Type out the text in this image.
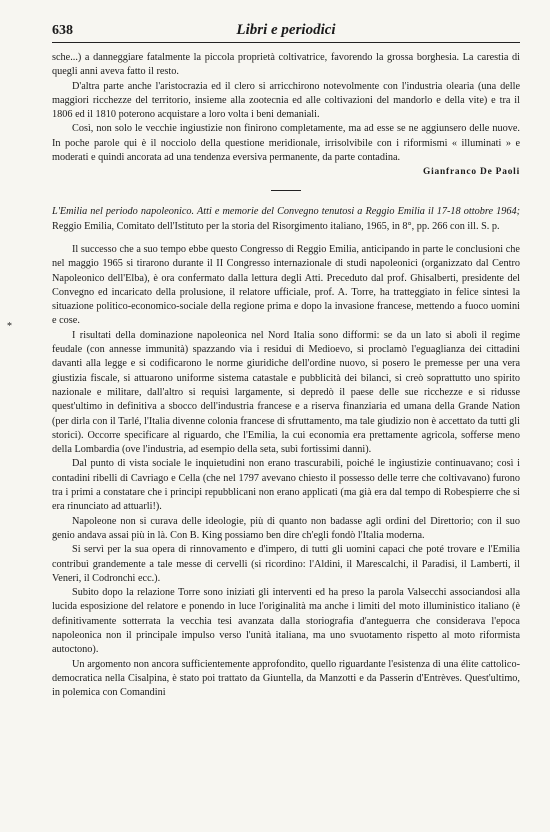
638	Libri e periodici

sche...) a danneggiare fatalmente la piccola proprietà coltivatrice, favorendo la grossa borghesia. La carestia di quegli anni aveva fatto il resto.

D'altra parte anche l'aristocrazia ed il clero si arricchirono notevolmente con l'industria olearia (una delle maggiori ricchezze del territorio, insieme alla zootecnia ed alle coltivazioni del mandorlo e della vite) e tra il 1806 ed il 1810 poterono acquistare a loro volta i beni demaniali.

Così, non solo le vecchie ingiustizie non finirono completamente, ma ad esse se ne aggiunsero delle nuove. In poche parole qui è il nocciolo della questione meridionale, irrisolvibile con i riformismi « illuminati » e moderati e quindi ancorata ad una tendenza eversiva permanente, da parte contadina.

Gianfranco De Paoli
L'Emilia nel periodo napoleonico. Atti e memorie del Convegno tenutosi a Reggio Emilia il 17-18 ottobre 1964; Reggio Emilia, Comitato dell'Istituto per la storia del Risorgimento italiano, 1965, in 8°, pp. 266 con ill. S. p.

Il successo che a suo tempo ebbe questo Congresso di Reggio Emilia, anticipando in parte le conclusioni che nel maggio 1965 si tirarono durante il II Congresso internazionale di studi napoleonici (organizzato dal Centro Napoleonico dell'Elba), è ora confermato dalla lettura degli Atti. Preceduto dal prof. Ghisalberti, presidente del Convegno ed incaricato della prolusione, il relatore ufficiale, prof. A. Torre, ha tratteggiato in felice sintesi la situazione politico-economico-sociale della regione prima e dopo la invasione francese, mettendo a fuoco uomini e cose.

I risultati della dominazione napoleonica nel Nord Italia sono difformi: se da un lato si abolì il regime feudale (con annesse immunità) spazzando via i residui di Medioevo, si proclamò l'eguaglianza dei cittadini davanti alla legge e si codificarono le norme giuridiche dell'ordine nuovo, si posero le premesse per una vera giustizia fiscale, si attuarono uniforme sistema catastale e pubblicità dei bilanci, si creò soprattutto uno spirito nazionale e militare, dall'altro si requisì largamente, si depredò il paese delle sue ricchezze e si ridusse quest'ultimo in definitiva a sbocco dell'industria francese e a riserva finanziaria ed umana della Grande Nation (per dirla con il Tarlé, l'Italia divenne colonia francese di sfruttamento, ma tale giudizio non è accettato da tutti gli storici). Occorre specificare al riguardo, che l'Emilia, la cui economia era prettamente agricola, sofferse meno della Lombardia (ove l'industria, ad esempio della seta, subì fortissimi danni).

Dal punto di vista sociale le inquietudini non erano trascurabili, poiché le ingiustizie continuavano; così i contadini ribelli di Cavriago e Cella (che nel 1797 avevano chiesto il possesso delle terre che coltivavano) furono tra i primi a constatare che i principi repubblicani non erano applicati (ma già era dal tempo di Robespierre che si era rinunciato ad attuarli!).

Napoleone non si curava delle ideologie, più di quanto non badasse agli ordini del Direttorio; con il suo genio andava assai più in là. Con B. King possiamo ben dire ch'egli fondò l'Italia moderna.

Si servì per la sua opera di rinnovamento e d'impero, di tutti gli uomini capaci che poté trovare e l'Emilia contribuì grandemente a tale messe di cervelli (si ricordino: l'Aldini, il Marescalchi, il Paradisi, il Lamberti, il Veneri, il Codronchi ecc.).

Subito dopo la relazione Torre sono iniziati gli interventi ed ha preso la parola Valsecchi associandosi alla lucida esposizione del relatore e ponendo in luce l'originalità ma anche i limiti del moto illuministico italiano (è definitivamente sotterrata la vecchia tesi avanzata dalla storiografia d'anteguerra che considerava l'epoca napoleonica non il principale impulso verso l'unità italiana, ma uno svuotamento rispetto al moto riformista autoctono).

Un argomento non ancora sufficientemente approfondito, quello riguardante l'esistenza di una élite cattolico-democratica nella Cisalpina, è stato poi trattato da Giuntella, da Manzotti e da Passerin d'Entrèves. Quest'ultimo, in polemica con Comandini

*
